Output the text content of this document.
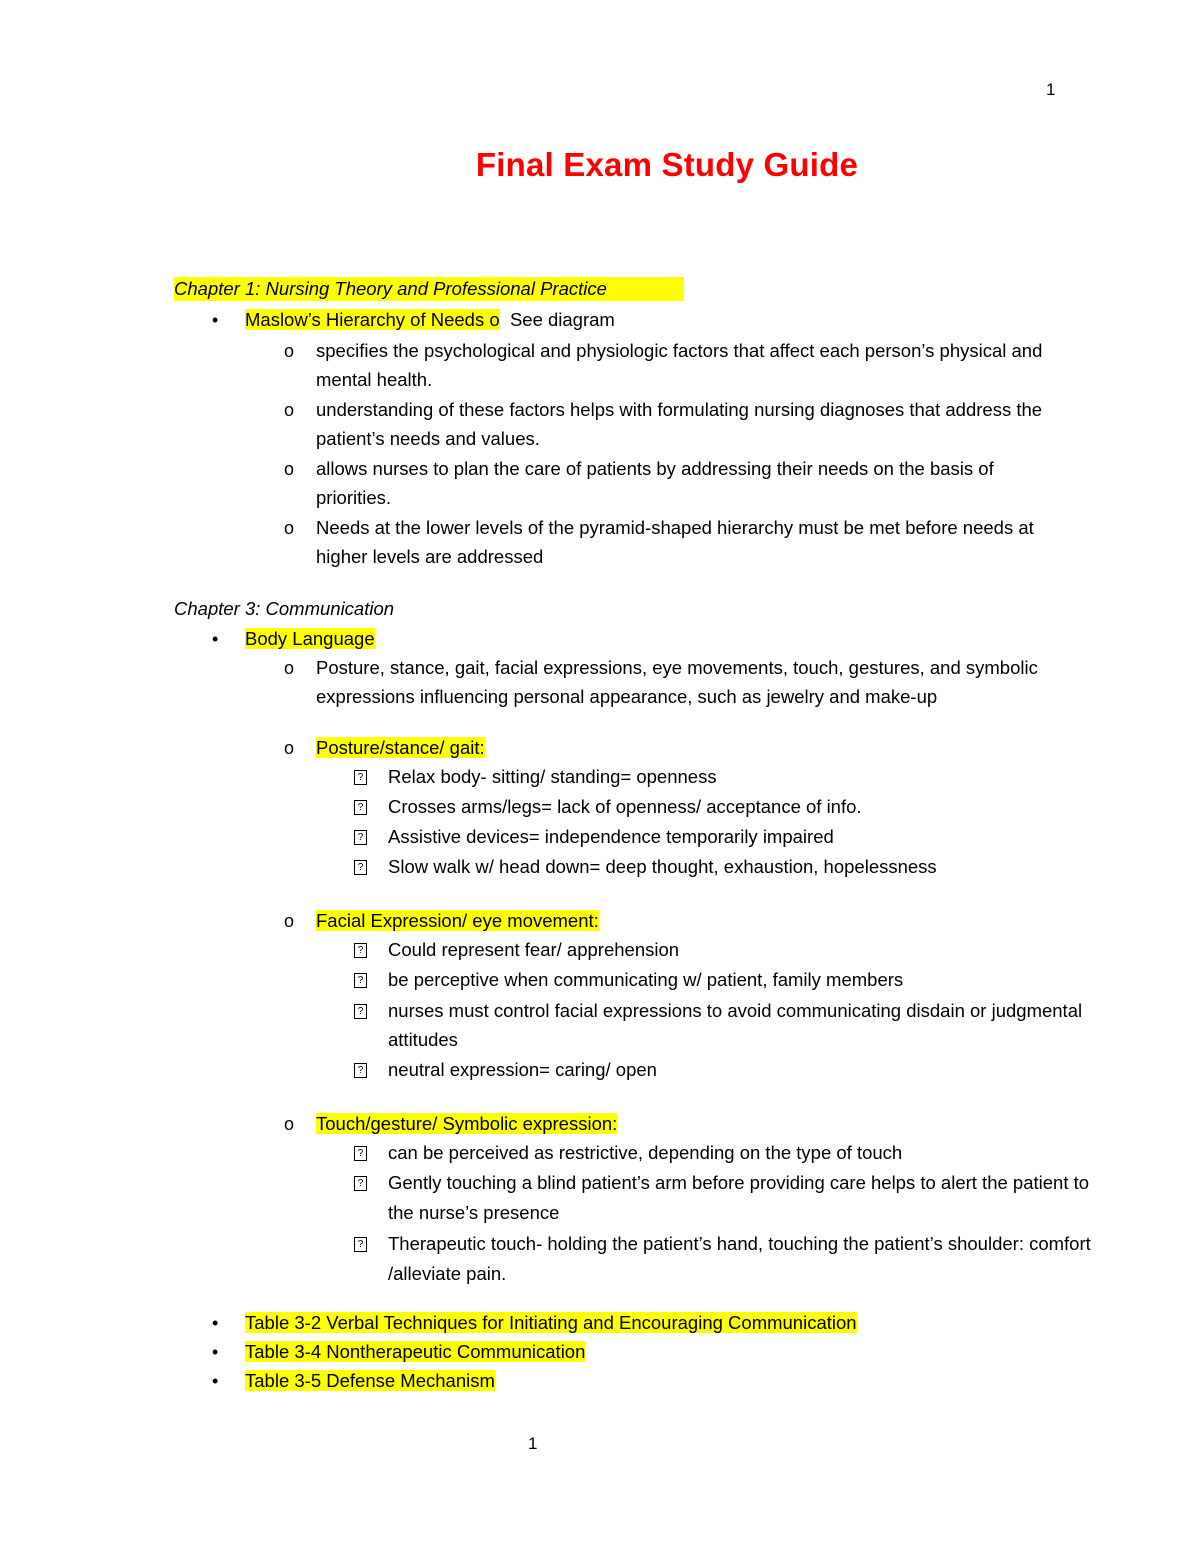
1
Final Exam Study Guide
Chapter 1: Nursing Theory and Professional Practice
• Maslow’s Hierarchy of Needs o See diagram
o specifies the psychological and physiologic factors that affect each person’s physical and
mental health.
o understanding of these factors helps with formulating nursing diagnoses that address the
patient’s needs and values.
o allows nurses to plan the care of patients by addressing their needs on the basis of
priorities.
o Needs at the lower levels of the pyramid-shaped hierarchy must be met before needs at
higher levels are addressed
Chapter 3: Communication
• Body Language
o Posture, stance, gait, facial expressions, eye movements, touch, gestures, and symbolic
expressions influencing personal appearance, such as jewelry and make-up
o Posture/stance/ gait:
? Relax body- sitting/ standing= openness
? Crosses arms/legs= lack of openness/ acceptance of info.
? Assistive devices= independence temporarily impaired
? Slow walk w/ head down= deep thought, exhaustion, hopelessness
o Facial Expression/ eye movement:
? Could represent fear/ apprehension
? be perceptive when communicating w/ patient, family members
? nurses must control facial expressions to avoid communicating disdain or judgmental
attitudes
? neutral expression= caring/ open
o Touch/gesture/ Symbolic expression:
? can be perceived as restrictive, depending on the type of touch
? Gently touching a blind patient’s arm before providing care helps to alert the patient to
the nurse’s presence
? Therapeutic touch- holding the patient’s hand, touching the patient’s shoulder: comfort
/alleviate pain.
• Table 3-2 Verbal Techniques for Initiating and Encouraging Communication
• Table 3-4 Nontherapeutic Communication
• Table 3-5 Defense Mechanism
1
